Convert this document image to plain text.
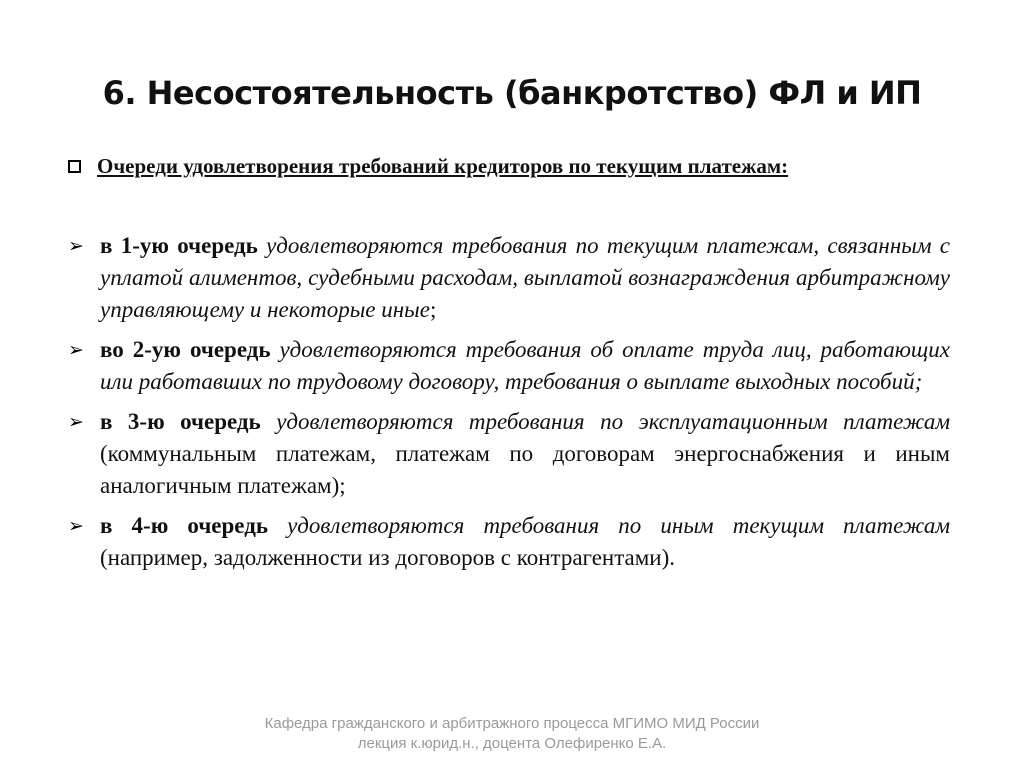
6. Несостоятельность (банкротство) ФЛ и ИП
Очереди удовлетворения требований кредиторов по текущим платежам:
➢ в 1-ую очередь удовлетворяются требования по текущим платежам, связанным с уплатой алиментов, судебными расходам, выплатой вознаграждения арбитражному управляющему и некоторые иные;
➢ во 2-ую очередь удовлетворяются требования об оплате труда лиц, работающих или работавших по трудовому договору, требования о выплате выходных пособий;
➢ в 3-ю очередь удовлетворяются требования по эксплуатационным платежам (коммунальным платежам, платежам по договорам энергоснабжения и иным аналогичным платежам);
➢ в 4-ю очередь удовлетворяются требования по иным текущим платежам (например, задолженности из договоров с контрагентами).
Кафедра гражданского и арбитражного процесса МГИМО МИД России
лекция к.юрид.н., доцента Олефиренко Е.А.
